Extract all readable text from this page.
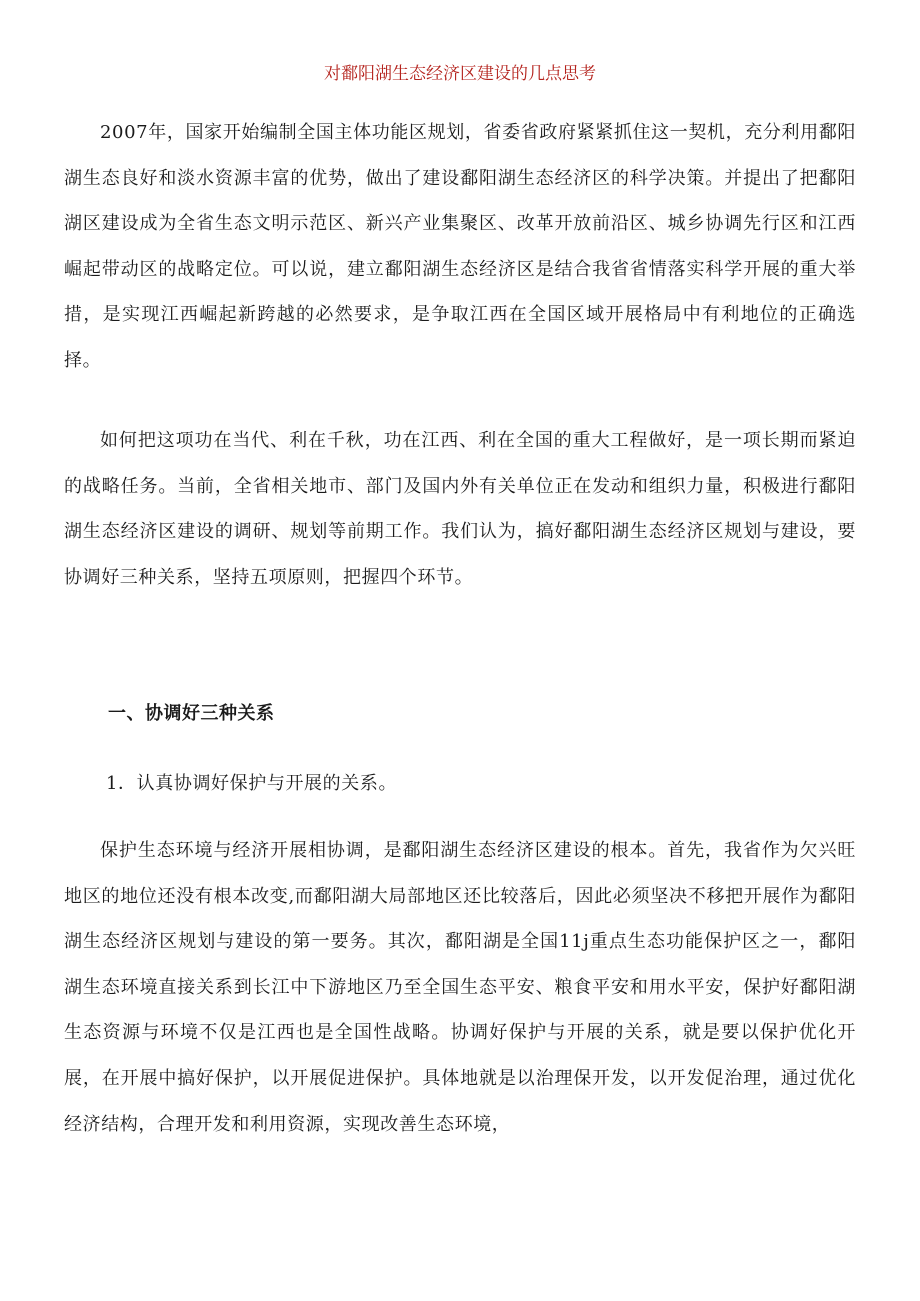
对鄱阳湖生态经济区建设的几点思考

2007年，国家开始编制全国主体功能区规划，省委省政府紧紧抓住这一契机，充分利用鄱阳湖生态良好和淡水资源丰富的优势，做出了建设鄱阳湖生态经济区的科学决策。并提出了把鄱阳湖区建设成为全省生态文明示范区、新兴产业集聚区、改革开放前沿区、城乡协调先行区和江西崛起带动区的战略定位。可以说，建立鄱阳湖生态经济区是结合我省省情落实科学开展的重大举措，是实现江西崛起新跨越的必然要求，是争取江西在全国区域开展格局中有利地位的正确选择。

如何把这项功在当代、利在千秋，功在江西、利在全国的重大工程做好，是一项长期而紧迫的战略任务。当前，全省相关地市、部门及国内外有关单位正在发动和组织力量，积极进行鄱阳湖生态经济区建设的调研、规划等前期工作。我们认为，搞好鄱阳湖生态经济区规划与建设，要协调好三种关系，坚持五项原则，把握四个环节。

一、协调好三种关系

1．认真协调好保护与开展的关系。

保护生态环境与经济开展相协调，是鄱阳湖生态经济区建设的根本。首先，我省作为欠兴旺地区的地位还没有根本改变,而鄱阳湖大局部地区还比较落后，因此必须坚决不移把开展作为鄱阳湖生态经济区规划与建设的第一要务。其次，鄱阳湖是全国11j重点生态功能保护区之一，鄱阳湖生态环境直接关系到长江中下游地区乃至全国生态平安、粮食平安和用水平安，保护好鄱阳湖生态资源与环境不仅是江西也是全国性战略。协调好保护与开展的关系，就是要以保护优化开展，在开展中搞好保护，以开展促进保护。具体地就是以治理保开发，以开发促治理，通过优化经济结构，合理开发和利用资源，实现改善生态环境，
